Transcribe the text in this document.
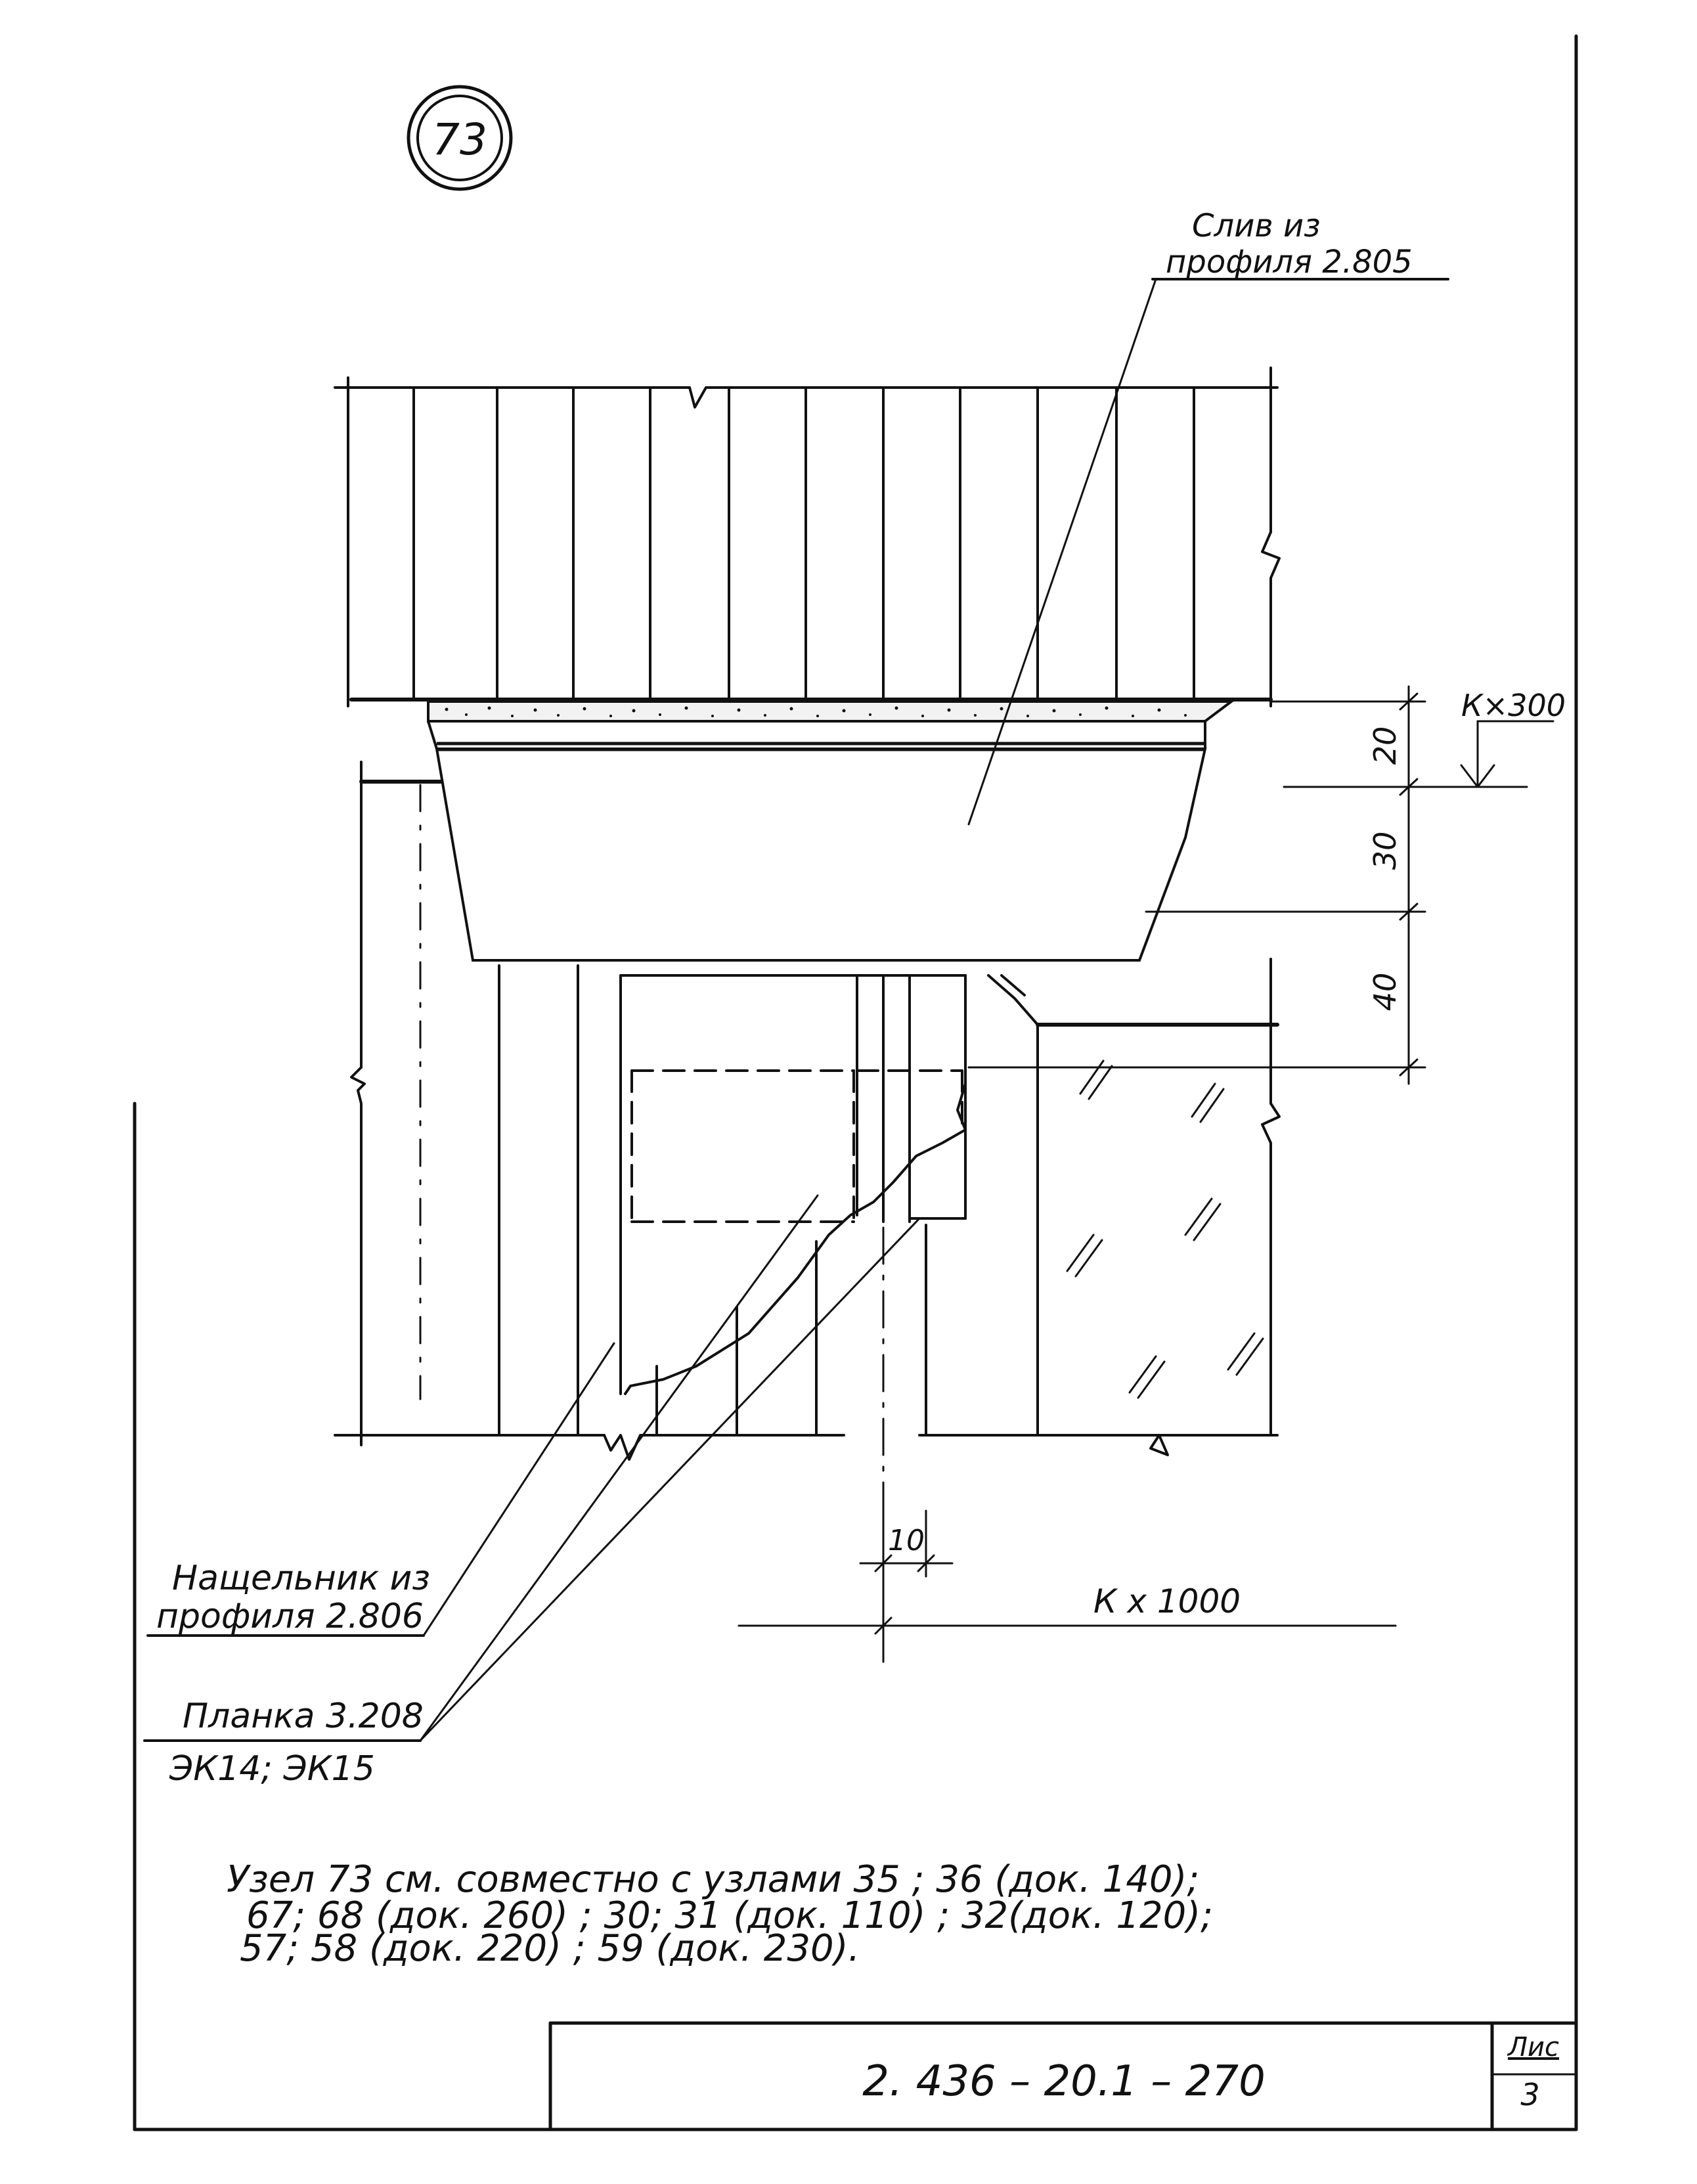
73
20
30
40
К×300
10
К х 1000
Слив из
профиля 2.805
Нащельник из
профиля 2.806
Планка 3.208
ЭК14; ЭК15
Узел 73 см. совместно с узлами 35 ; 36 (док. 140);
67; 68 (док. 260) ; 30; 31 (док. 110) ; 32(док. 120);
57; 58 (док. 220) ; 59 (док. 230).
2. 436 – 20.1 – 270
Лис
3
